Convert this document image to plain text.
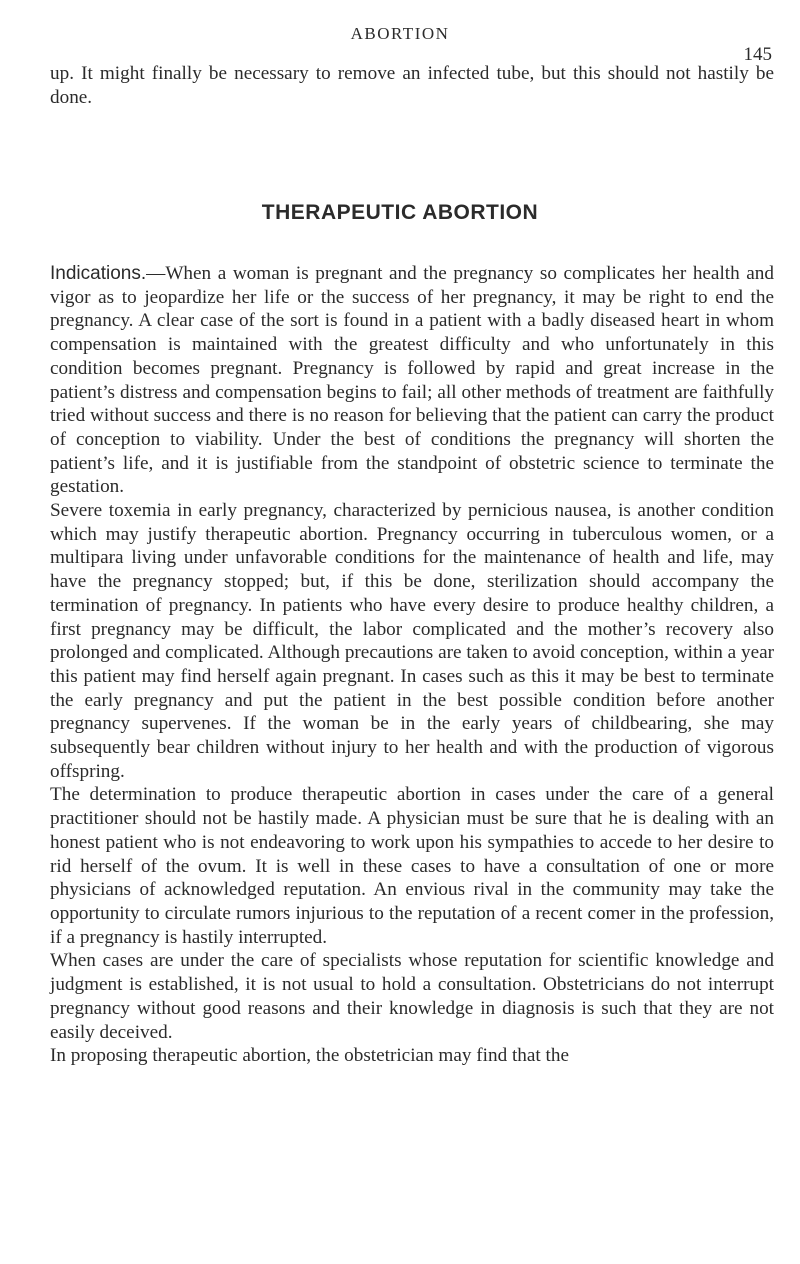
ABORTION
145

up. It might finally be necessary to remove an infected tube, but this should not hastily be done.

THERAPEUTIC ABORTION

Indications.—When a woman is pregnant and the pregnancy so complicates her health and vigor as to jeopardize her life or the success of her pregnancy, it may be right to end the pregnancy. A clear case of the sort is found in a patient with a badly diseased heart in whom compensation is maintained with the greatest difficulty and who unfortunately in this condition becomes pregnant. Pregnancy is followed by rapid and great increase in the patient’s distress and compensation begins to fail; all other methods of treatment are faithfully tried without success and there is no reason for believing that the patient can carry the product of conception to viability. Under the best of conditions the pregnancy will shorten the patient’s life, and it is justifiable from the standpoint of obstetric science to terminate the gestation.

Severe toxemia in early pregnancy, characterized by pernicious nausea, is another condition which may justify therapeutic abortion. Pregnancy occurring in tuberculous women, or a multipara living under unfavorable conditions for the maintenance of health and life, may have the pregnancy stopped; but, if this be done, sterilization should accompany the termination of pregnancy. In patients who have every desire to produce healthy children, a first pregnancy may be difficult, the labor complicated and the mother’s recovery also prolonged and complicated. Although precautions are taken to avoid conception, within a year this patient may find herself again pregnant. In cases such as this it may be best to terminate the early pregnancy and put the patient in the best possible condition before another pregnancy supervenes. If the woman be in the early years of childbearing, she may subsequently bear children without injury to her health and with the production of vigorous offspring.

The determination to produce therapeutic abortion in cases under the care of a general practitioner should not be hastily made. A physician must be sure that he is dealing with an honest patient who is not endeavoring to work upon his sympathies to accede to her desire to rid herself of the ovum. It is well in these cases to have a consultation of one or more physicians of acknowledged reputation. An envious rival in the community may take the opportunity to circulate rumors injurious to the reputation of a recent comer in the profession, if a pregnancy is hastily interrupted.

When cases are under the care of specialists whose reputation for scientific knowledge and judgment is established, it is not usual to hold a consultation. Obstetricians do not interrupt pregnancy without good reasons and their knowledge in diagnosis is such that they are not easily deceived.

In proposing therapeutic abortion, the obstetrician may find that the
